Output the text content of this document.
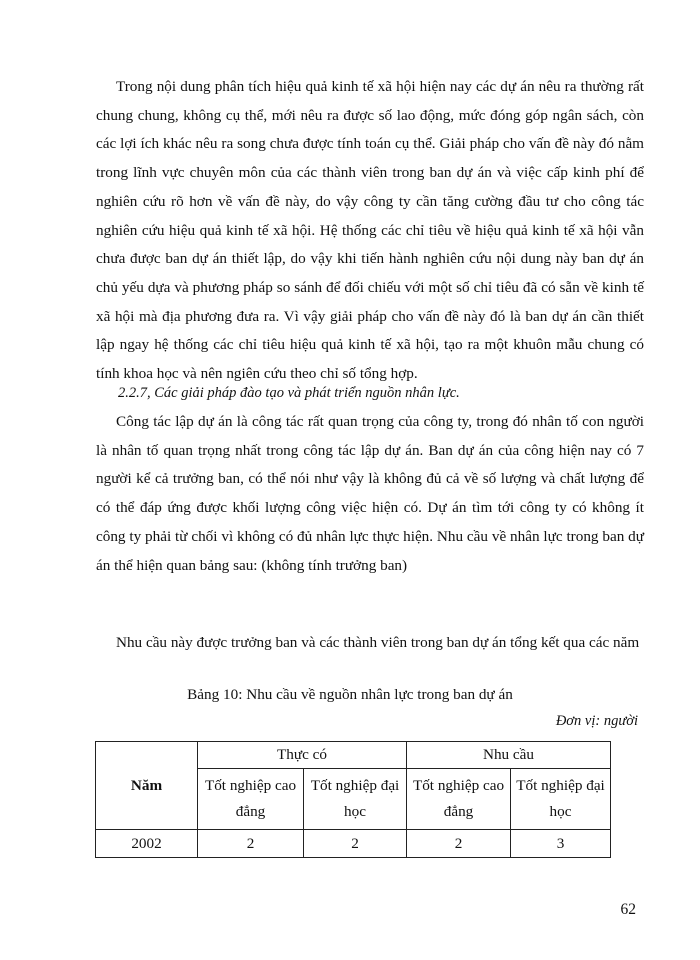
Trong nội dung phân tích hiệu quả kinh tế xã hội hiện nay các dự án nêu ra thường rất chung chung, không cụ thể, mới nêu ra được số lao động, mức đóng góp ngân sách, còn các lợi ích khác nêu ra song chưa được tính toán cụ thể. Giải pháp cho vấn đề này đó nằm trong lĩnh vực chuyên môn của các thành viên trong ban dự án và việc cấp kinh phí để nghiên cứu rõ hơn về vấn đề này, do vậy công ty cần tăng cường đầu tư cho công tác nghiên cứu hiệu quả kinh tế xã hội. Hệ thống các chỉ tiêu về hiệu quả kinh tế xã hội vẫn chưa được ban dự án thiết lập, do vậy khi tiến hành nghiên cứu nội dung này ban dự án chủ yếu dựa và phương pháp so sánh để đối chiếu với một số chỉ tiêu đã có sẵn về kinh tế xã hội mà địa phương đưa ra. Vì vậy giải pháp cho vấn đề này đó là ban dự án cần thiết lập ngay hệ thống các chỉ tiêu hiệu quả kinh tế xã hội, tạo ra một khuôn mẫu chung có tính khoa học và nên ngiên cứu theo chỉ số tổng hợp.

2.2.7, Các giải pháp đào tạo và phát triển nguồn nhân lực.

Công tác lập dự án là công tác rất quan trọng của công ty, trong đó nhân tố con người là nhân tố quan trọng nhất trong công tác lập dự án. Ban dự án của công hiện nay có 7 người kể cả trưởng ban, có thể nói như vậy là không đủ cả về số lượng và chất lượng để có thể đáp ứng được khối lượng công việc hiện có. Dự án tìm tới công ty có không ít công ty phải từ chối vì không có đủ nhân lực thực hiện. Nhu cầu về nhân lực trong ban dự án thể hiện quan bảng sau: (không tính trưởng ban)

Nhu cầu này được trưởng ban và các thành viên trong ban dự án tổng kết qua các năm

Bảng 10: Nhu cầu về nguồn nhân lực trong ban dự án

Đơn vị: người

Năm	Thực có		Nhu cầu	
	Tốt nghiệp cao đẳng	Tốt nghiệp đại học	Tốt nghiệp cao đẳng	Tốt nghiệp đại học
2002	2	2	2	3

62
